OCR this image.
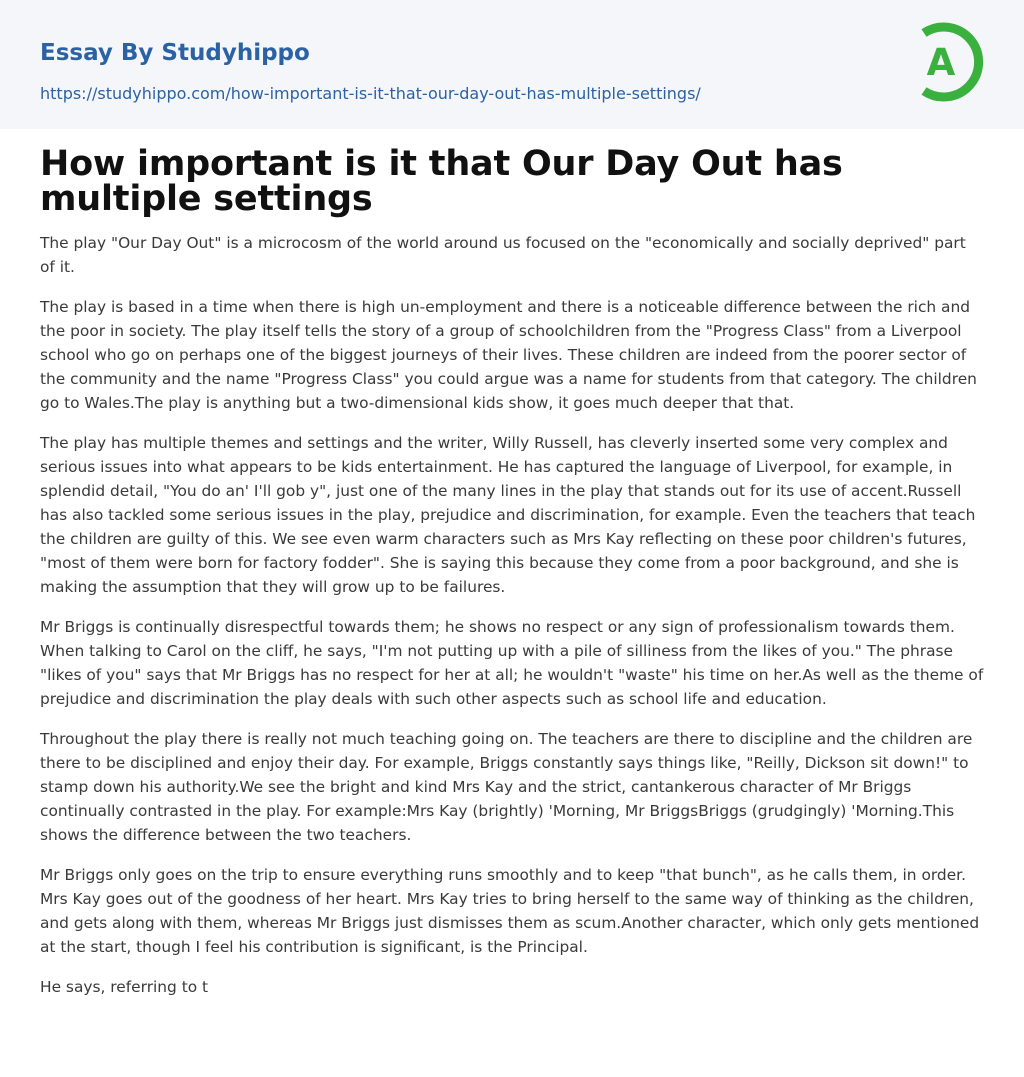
Essay By Studyhippo
https://studyhippo.com/how-important-is-it-that-our-day-out-has-multiple-settings/
A
How important is it that Our Day Out has multiple settings

The play "Our Day Out" is a microcosm of the world around us focused on the "economically and socially deprived" part of it.

The play is based in a time when there is high un-employment and there is a noticeable difference between the rich and the poor in society. The play itself tells the story of a group of schoolchildren from the "Progress Class" from a Liverpool school who go on perhaps one of the biggest journeys of their lives. These children are indeed from the poorer sector of the community and the name "Progress Class" you could argue was a name for students from that category. The children go to Wales.The play is anything but a two-dimensional kids show, it goes much deeper that that.

The play has multiple themes and settings and the writer, Willy Russell, has cleverly inserted some very complex and serious issues into what appears to be kids entertainment. He has captured the language of Liverpool, for example, in splendid detail, "You do an' I'll gob y", just one of the many lines in the play that stands out for its use of accent.Russell has also tackled some serious issues in the play, prejudice and discrimination, for example. Even the teachers that teach the children are guilty of this. We see even warm characters such as Mrs Kay reflecting on these poor children's futures, "most of them were born for factory fodder". She is saying this because they come from a poor background, and she is making the assumption that they will grow up to be failures.

Mr Briggs is continually disrespectful towards them; he shows no respect or any sign of professionalism towards them. When talking to Carol on the cliff, he says, "I'm not putting up with a pile of silliness from the likes of you." The phrase "likes of you" says that Mr Briggs has no respect for her at all; he wouldn't "waste" his time on her.As well as the theme of prejudice and discrimination the play deals with such other aspects such as school life and education.

Throughout the play there is really not much teaching going on. The teachers are there to discipline and the children are there to be disciplined and enjoy their day. For example, Briggs constantly says things like, "Reilly, Dickson sit down!" to stamp down his authority.We see the bright and kind Mrs Kay and the strict, cantankerous character of Mr Briggs continually contrasted in the play. For example:Mrs Kay (brightly) 'Morning, Mr BriggsBriggs (grudgingly) 'Morning.This shows the difference between the two teachers.

Mr Briggs only goes on the trip to ensure everything runs smoothly and to keep "that bunch", as he calls them, in order. Mrs Kay goes out of the goodness of her heart. Mrs Kay tries to bring herself to the same way of thinking as the children, and gets along with them, whereas Mr Briggs just dismisses them as scum.Another character, which only gets mentioned at the start, though I feel his contribution is significant, is the Principal.

He says, referring to t
